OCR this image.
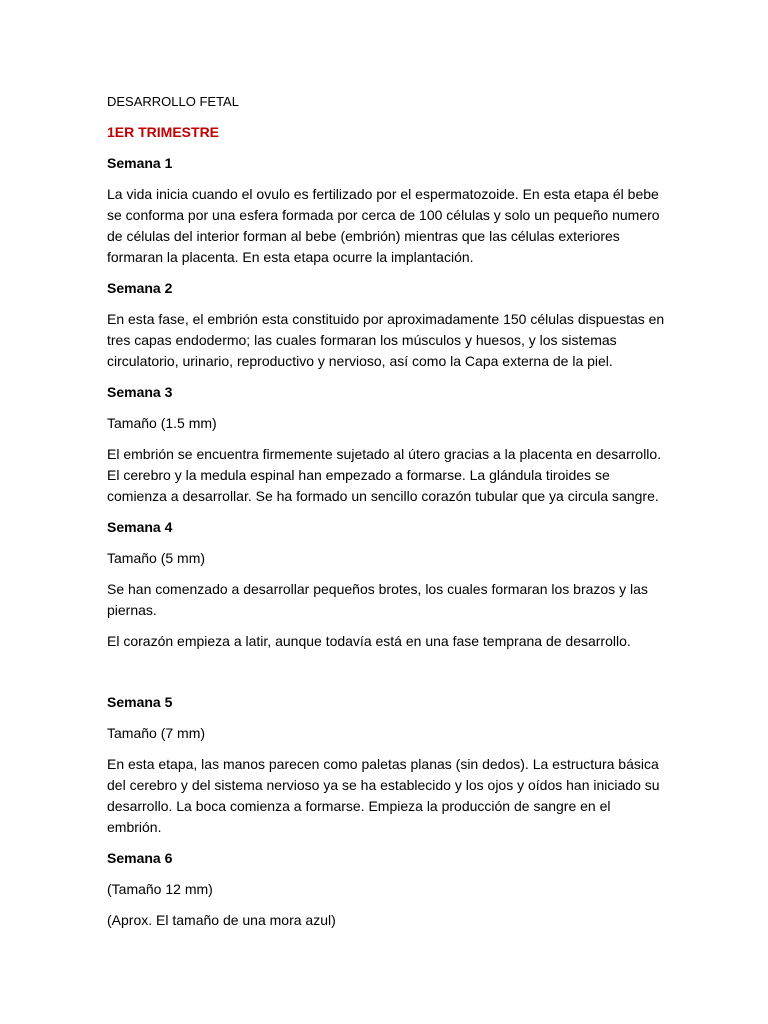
DESARROLLO FETAL
1ER TRIMESTRE
Semana 1
La vida inicia cuando el ovulo es fertilizado por el espermatozoide. En esta etapa él bebe se conforma por una esfera formada por cerca de 100 células y solo un pequeño numero de células del interior forman al bebe (embrión) mientras que las células exteriores formaran la placenta. En esta etapa ocurre la implantación.
Semana 2
En esta fase, el embrión esta constituido por aproximadamente 150 células dispuestas en tres capas endodermo; las cuales formaran los músculos y huesos, y los sistemas circulatorio, urinario, reproductivo y nervioso, así como la Capa externa de la piel.
Semana 3
Tamaño (1.5 mm)
El embrión se encuentra firmemente sujetado al útero gracias a la placenta en desarrollo. El cerebro y la medula espinal han empezado a formarse. La glándula tiroides se comienza a desarrollar. Se ha formado un sencillo corazón tubular que ya circula sangre.
Semana 4
Tamaño (5 mm)
Se han comenzado a desarrollar pequeños brotes, los cuales formaran los brazos y las piernas.
El corazón empieza a latir, aunque todavía está en una fase temprana de desarrollo.
Semana 5
Tamaño (7 mm)
En esta etapa, las manos parecen como paletas planas (sin dedos). La estructura básica del cerebro y del sistema nervioso ya se ha establecido y los ojos y oídos han iniciado su desarrollo. La boca comienza a formarse. Empieza la producción de sangre en el embrión.
Semana 6
(Tamaño 12 mm)
(Aprox. El tamaño de una mora azul)
